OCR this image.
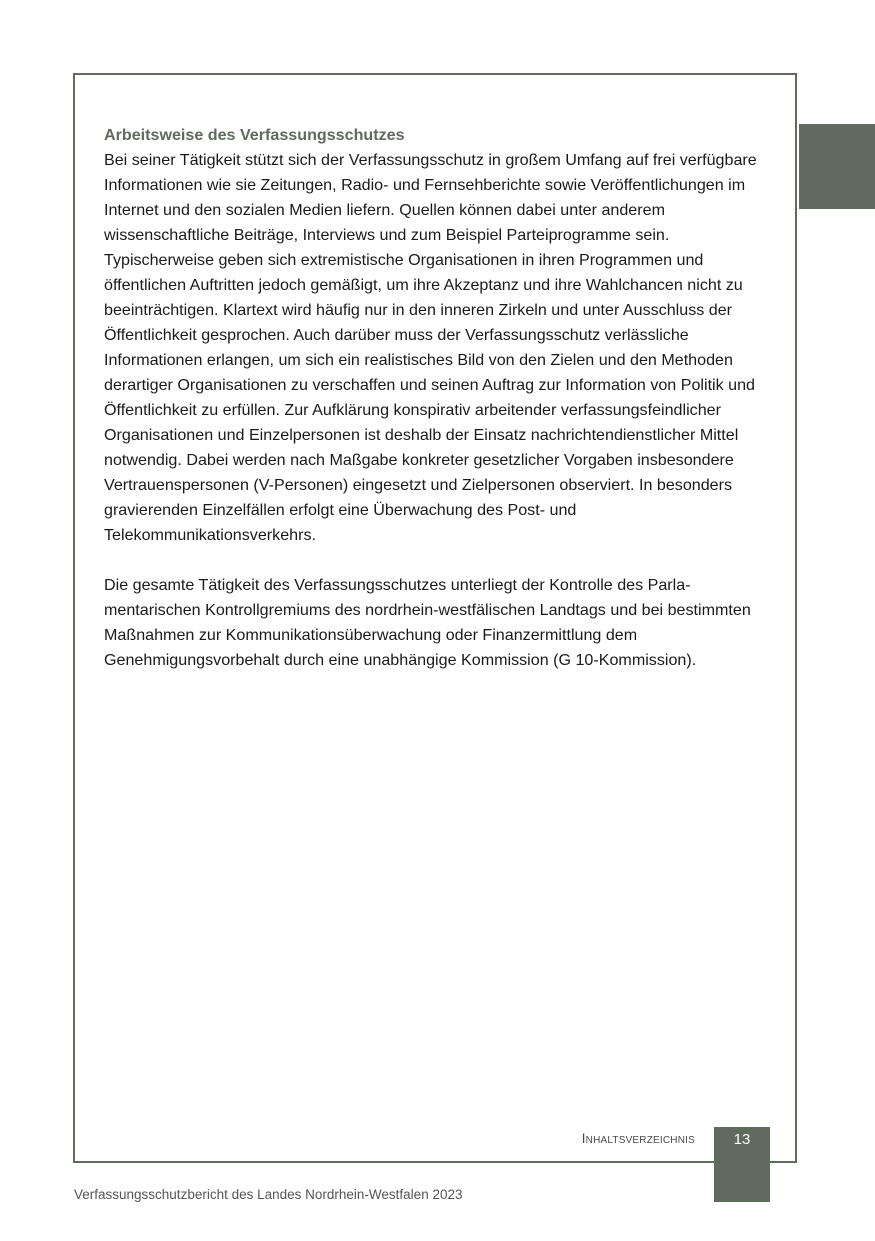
Arbeitsweise des Verfassungsschutzes

Bei seiner Tätigkeit stützt sich der Verfassungsschutz in großem Umfang auf frei verfügbare Informationen wie sie Zeitungen, Radio- und Fernsehberichte sowie Veröffentlichungen im Internet und den sozialen Medien liefern. Quellen können dabei unter anderem wissenschaftliche Beiträge, Interviews und zum Beispiel Parteiprogramme sein. Typischerweise geben sich extremistische Organisationen in ihren Programmen und öffentlichen Auftritten jedoch gemäßigt, um ihre Akzeptanz und ihre Wahlchancen nicht zu beeinträchtigen. Klartext wird häufig nur in den inneren Zirkeln und unter Ausschluss der Öffentlichkeit gesprochen. Auch darüber muss der Verfassungsschutz verlässliche Informationen erlangen, um sich ein realistisches Bild von den Zielen und den Methoden derartiger Organisationen zu verschaffen und seinen Auftrag zur Information von Politik und Öffentlichkeit zu erfüllen. Zur Aufklärung konspirativ arbeitender verfassungsfeindlicher Organisationen und Einzelpersonen ist deshalb der Einsatz nachrichtendienstlicher Mittel notwendig. Dabei werden nach Maßgabe konkreter gesetzlicher Vorgaben insbesondere Vertrauenspersonen (V-Personen) eingesetzt und Zielpersonen observiert. In besonders gravierenden Einzelfällen erfolgt eine Überwachung des Post- und Telekommunikationsverkehrs.

Die gesamte Tätigkeit des Verfassungsschutzes unterliegt der Kontrolle des Parlamentarischen Kontrollgremiums des nordrhein-westfälischen Landtags und bei bestimmten Maßnahmen zur Kommunikationsüberwachung oder Finanzermittlung dem Genehmigungsvorbehalt durch eine unabhängige Kommission (G 10-Kommission).

Inhaltsverzeichnis	13
Verfassungsschutzbericht des Landes Nordrhein-Westfalen 2023
